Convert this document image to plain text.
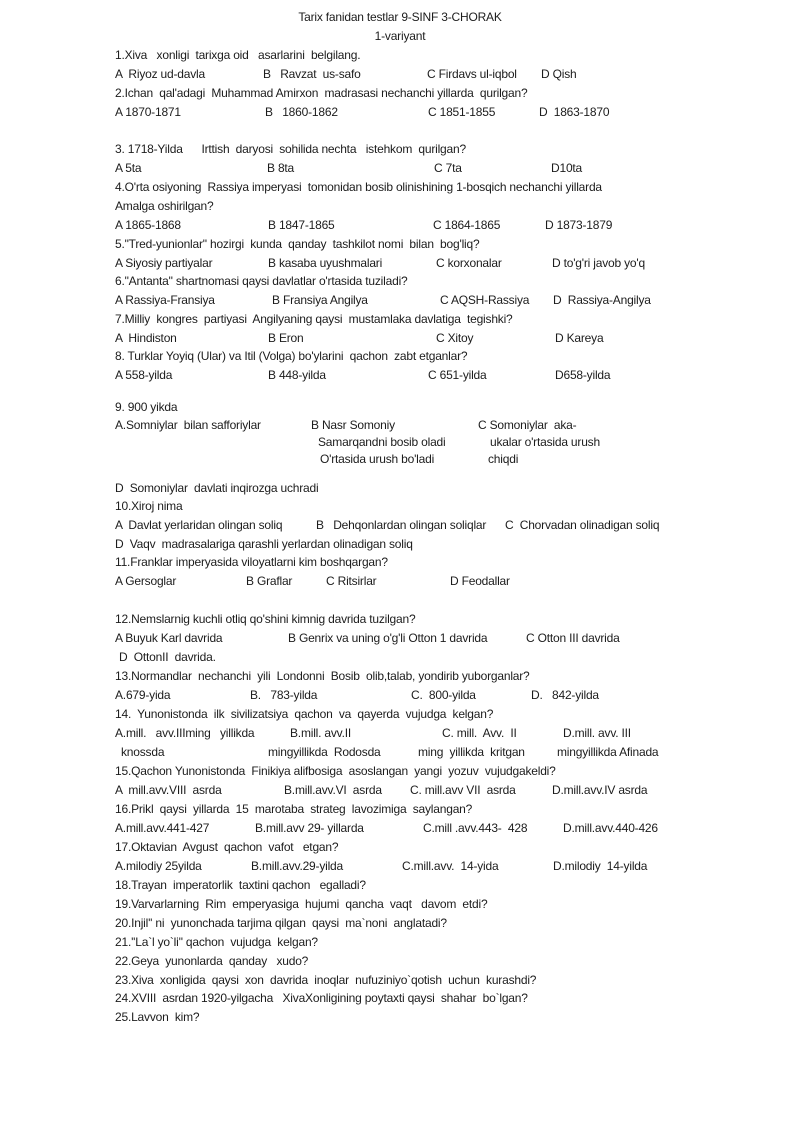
Tarix fanidan testlar 9-SINF 3-CHORAK
1-variyant
1.Xiva   xonligi  tarixga oid   asarlarini  belgilang.
A  Riyoz ud-davla	B   Ravzat  us-safo	C Firdavs ul-iqbol D Qish
2.Ichan  qal'adagi  Muhammad Amirxon  madrasasi nechanchi yillarda  qurilgan?
A 1870-1871	B   1860-1862	C 1851-1855	D  1863-1870
3. 1718-Yilda      Irttish  daryosi  sohilida nechta   istehkom  qurilgan?
A 5ta	B 8ta	C 7ta	D10ta
4.O'rta osiyoning  Rassiya imperyasi  tomonidan bosib olinishining 1-bosqich nechanchi yillarda
Amalga oshirilgan?
A 1865-1868	B 1847-1865	C 1864-1865	D 1873-1879
5."Tred-yunionlar" hozirgi  kunda  qanday  tashkilot nomi  bilan  bog'liq?
A Siyosiy partiyalar	B kasaba uyushmalari	C korxonalar	D to'g'ri javob yo'q
6."Antanta" shartnomasi qaysi davlatlar o'rtasida tuziladi?
A Rassiya-Fransiya	B Fransiya Angilya	C AQSH-Rassiya D  Rassiya-Angilya
7.Milliy  kongres  partiyasi  Angilyaning qaysi  mustamlaka davlatiga  tegishki?
A  Hindiston	B Eron	C Xitoy	D Kareya
8. Turklar Yoyiq (Ular) va Itil (Volga) bo'ylarini  qachon  zabt etganlar?
A 558-yilda	B 448-yilda	C 651-yilda	D658-yilda
9. 900 yikda
A.Somniylar  bilan safforiylar	B Nasr Somoniy	C Somoniylar  aka-
Samarqandni bosib oladi	ukalar o'rtasida urush
O'rtasida urush bo'ladi	chiqdi
D  Somoniylar  davlati inqirozga uchradi
10.Xiroj nima
A  Davlat yerlaridan olingan soliq	B   Dehqonlardan olingan soliqlar C  Chorvadan olinadigan soliq
D  Vaqv  madrasalariga qarashli yerlardan olinadigan soliq
11.Franklar imperyasida viloyatlarni kim boshqargan?
A Gersoglar	B Graflar	C Ritsirlar	D Feodallar
12.Nemslarnig kuchli otliq qo'shini kimnig davrida tuzilgan?
A Buyuk Karl davrida	B Genrix va uning o'g'li Otton 1 davrida	C Otton III davrida
D  OttonII  davrida.
13.Normandlar  nechanchi  yili  Londonni  Bosib  olib,talab, yondirib yuborganlar?
A.679-yida	B.   783-yilda	C.  800-yilda	D.   842-yilda
14.  Yunonistonda  ilk  sivilizatsiya  qachon  va  qayerda  vujudga  kelgan?
A.mill.   avv.IIIming   yillikda	B.mill. avv.II	C. mill.  Avv.  II	D.mill. avv. III
knossda	mingyillikda  Rodosda	ming  yillikda  kritgan	mingyillikda Afinada
15.Qachon Yunonistonda  Finikiya alifbosiga  asoslangan  yangi  yozuv  vujudgakeldi?
A  mill.avv.VIII  asrda	B.mill.avv.VI  asrda C. mill.avv VII  asrda	D.mill.avv.IV asrda
16.Prikl  qaysi  yillarda  15  marotaba  strateg  lavozimiga  saylangan?
A.mill.avv.441-427	B.mill.avv 29- yillarda	C.mill .avv.443-  428	D.mill.avv.440-426
17.Oktavian  Avgust  qachon  vafot   etgan?
A.milodiy 25yilda	B.mill.avv.29-yilda	C.mill.avv.  14-yida	D.milodiy  14-yilda
18.Trayan  imperatorlik  taxtini qachon   egalladi?
19.Varvarlarning  Rim  emperyasiga  hujumi  qancha  vaqt   davom  etdi?
20.Injil'' ni  yunonchada tarjima qilgan  qaysi  ma`noni  anglatadi?
21.''La`l yo`li'' qachon  vujudga  kelgan?
22.Geya  yunonlarda  qanday   xudo?
23.Xiva  xonligida  qaysi  xon  davrida  inoqlar  nufuziniyo`qotish  uchun  kurashdi?
24.XVIII  asrdan 1920-yilgacha   XivaXonligining poytaxti qaysi  shahar  bo`lgan?
25.Lavvon  kim?
